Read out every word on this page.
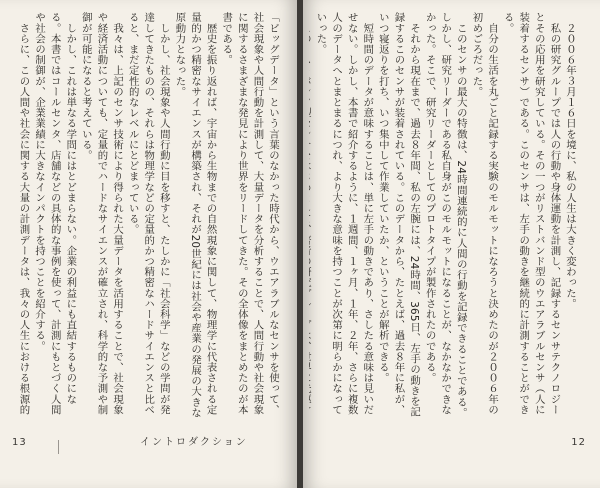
「ビッグデータ」という言葉のなかった時代から、ウエアラブルなセンサを使って、社会現象や人間行動を計測して、大量データを分析することで、人間行動や社会現象に関するさまざまな発見により世界をリードしてきた。その全体像をまとめたのが本書である。
　歴史を振り返れば、宇宙から生物までの自然現象に関して、物理学に代表される定量的かつ精密なサイエンスが構築され、それが20世紀には社会や産業の発展の大きな原動力となった。
　しかし、社会現象や人間行動に目を移すと、たしかに「社会科学」などの学問が発達してきたものの、それらは物理学などの定量的かつ精密なハードサイエンスと比べると、まだ定性的なレベルにとどまっている。
　我々は、上記のセンサ技術により得られた大量データを活用することで、社会現象や経済活動についても、定量的でハードなサイエンスが確立され、科学的な予測や制御が可能になると考えている。
　しかし、これは単なる学問にはとどまらない。企業の利益にも直結するものになる。本書ではコールセンタ、店舗などの具体的な事例を使って、計測にもとづく人間や社会の制御が、企業業績に大きなインパクトを持つことを紹介する。
　さらに、この人間や社会に関する大量の計測データは、我々の人生における根源的
13	イントロダクション
　２００６年３月１６日を境に、私の人生は大きく変わった。
　私の研究グループでは人の行動や身体運動を計測し、記録するセンサテクノロジーとその応用を研究している。その一つがリストバンド型のウエアラブルセンサ（人に装着するセンサ）である。このセンサは、左手の動きを継続的に計測することができる。
　自分の生活を丸ごと記録する実験のモルモットになろうと決めたのが２００６年の初めごろだった。
　このセンサの最大の特徴は、24時間連続的に人間の行動を記録できることである。しかし、研究リーダーである私自身がこのモルモットになることが、なかなかできなかった。そこで、研究リーダーとしてのプロトタイプが製作されたのである。
　それから現在まで、過去８年間、私の左腕には、24時間、365日、左手の動きを記録するこのセンサが装着されている。このデータから、たとえば、過去８年に私が、いつ寝返りを打ち、いつ集中して作業していたか、ということが解析できる。
　短時間のデータが意味することは、単に左手の動きであり、さしたる意味は見いだせない。しかし、本書で紹介するように、１週間、１ヶ月、１年、２年、さらに複数人のデータへとまとまるにつれ、より大きな意味を持つことが次第に明らかになっていった。

12
